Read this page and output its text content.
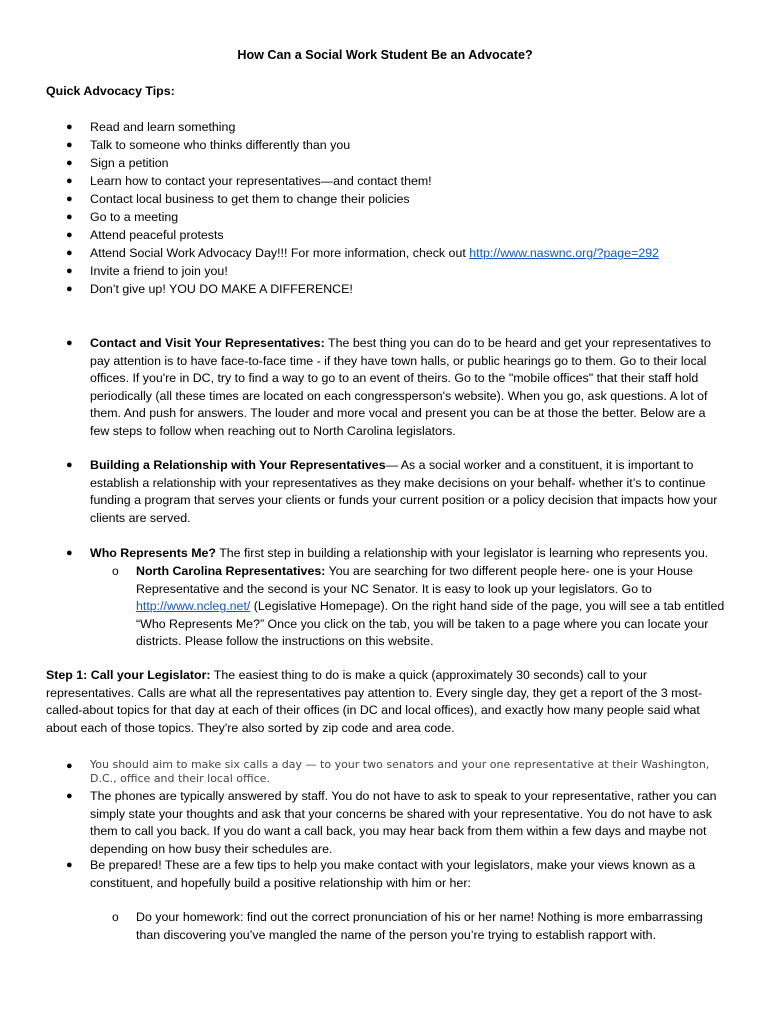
How Can a Social Work Student Be an Advocate?
Quick Advocacy Tips:
● Read and learn something
● Talk to someone who thinks differently than you
● Sign a petition
● Learn how to contact your representatives—and contact them!
● Contact local business to get them to change their policies
● Go to a meeting
● Attend peaceful protests
● Attend Social Work Advocacy Day!!! For more information, check out http://www.naswnc.org/?page=292
● Invite a friend to join you!
● Don’t give up! YOU DO MAKE A DIFFERENCE!
●	Contact and Visit Your Representatives: The best thing you can do to be heard and get your representatives to pay attention is to have face-to-face time - if they have town halls, or public hearings go to them. Go to their local offices. If you're in DC, try to find a way to go to an event of theirs. Go to the "mobile offices" that their staff hold periodically (all these times are located on each congressperson's website). When you go, ask questions. A lot of them. And push for answers. The louder and more vocal and present you can be at those the better. Below are a few steps to follow when reaching out to North Carolina legislators.

●	Building a Relationship with Your Representatives— As a social worker and a constituent, it is important to establish a relationship with your representatives as they make decisions on your behalf- whether it’s to continue funding a program that serves your clients or funds your current position or a policy decision that impacts how your clients are served.

●	Who Represents Me? The first step in building a relationship with your legislator is learning who represents you.

o	North Carolina Representatives: You are searching for two different people here- one is your House Representative and the second is your NC Senator. It is easy to look up your legislators. Go to http://www.ncleg.net/ (Legislative Homepage). On the right hand side of the page, you will see a tab entitled “Who Represents Me?” Once you click on the tab, you will be taken to a page where you can locate your districts. Please follow the instructions on this website.

Step 1: Call your Legislator: The easiest thing to do is make a quick (approximately 30 seconds) call to your representatives. Calls are what all the representatives pay attention to. Every single day, they get a report of the 3 most-called-about topics for that day at each of their offices (in DC and local offices), and exactly how many people said what about each of those topics. They're also sorted by zip code and area code.

●	You should aim to make six calls a day — to your two senators and your one representative at their Washington, D.C., office and their local office.

●	The phones are typically answered by staff. You do not have to ask to speak to your representative, rather you can simply state your thoughts and ask that your concerns be shared with your representative. You do not have to ask them to call you back. If you do want a call back, you may hear back from them within a few days and maybe not depending on how busy their schedules are.

●	Be prepared! These are a few tips to help you make contact with your legislators, make your views known as a constituent, and hopefully build a positive relationship with him or her:

o	Do your homework: find out the correct pronunciation of his or her name! Nothing is more embarrassing than discovering you’ve mangled the name of the person you’re trying to establish rapport with.
